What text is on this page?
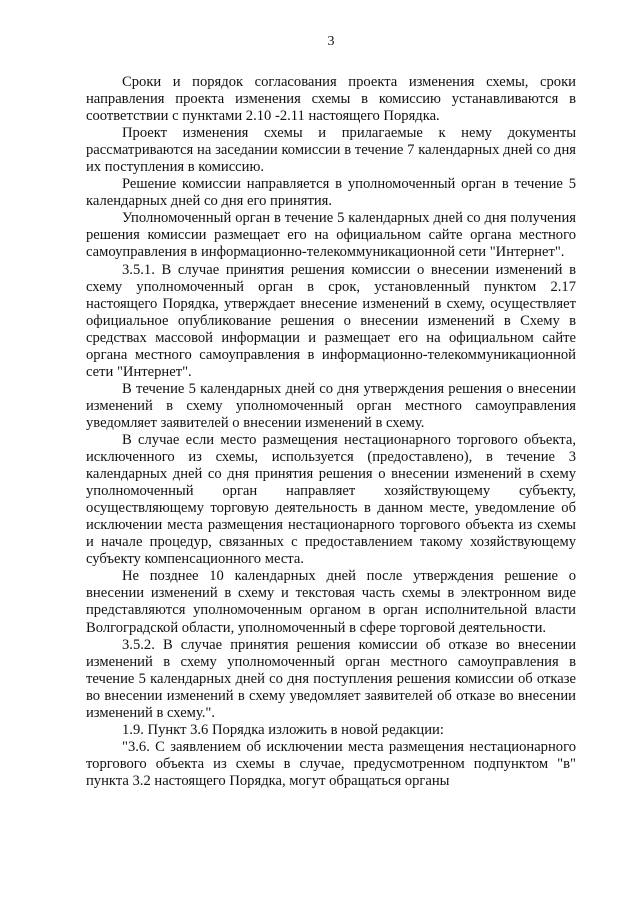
3

Сроки и порядок согласования проекта изменения схемы, сроки направления проекта изменения схемы в комиссию устанавливаются в соответствии с пунктами 2.10 -2.11 настоящего Порядка.

Проект изменения схемы и прилагаемые к нему документы рассматриваются на заседании комиссии в течение 7 календарных дней со дня их поступления в комиссию.

Решение комиссии направляется в уполномоченный орган в течение 5 календарных дней со дня его принятия.

Уполномоченный орган в течение 5 календарных дней со дня получения решения комиссии размещает его на официальном сайте органа местного самоуправления в информационно-телекоммуникационной сети "Интернет".

3.5.1. В случае принятия решения комиссии о внесении изменений в схему уполномоченный орган в срок, установленный пунктом 2.17 настоящего Порядка, утверждает внесение изменений в схему, осуществляет официальное опубликование решения о внесении изменений в Схему в средствах массовой информации и размещает его на официальном сайте органа местного самоуправления в информационно-телекоммуникационной сети "Интернет".

В течение 5 календарных дней со дня утверждения решения о внесении изменений в схему уполномоченный орган местного самоуправления уведомляет заявителей о внесении изменений в схему.

В случае если место размещения нестационарного торгового объекта, исключенного из схемы, используется (предоставлено), в течение 3 календарных дней со дня принятия решения о внесении изменений в схему уполномоченный орган направляет хозяйствующему субъекту, осуществляющему торговую деятельность в данном месте, уведомление об исключении места размещения нестационарного торгового объекта из схемы и начале процедур, связанных с предоставлением такому хозяйствующему субъекту компенсационного места.

Не позднее 10 календарных дней после утверждения решение о внесении изменений в схему и текстовая часть схемы в электронном виде представляются уполномоченным органом в орган исполнительной власти Волгоградской области, уполномоченный в сфере торговой деятельности.

3.5.2. В случае принятия решения комиссии об отказе во внесении изменений в схему уполномоченный орган местного самоуправления в течение 5 календарных дней со дня поступления решения комиссии об отказе во внесении изменений в схему уведомляет заявителей об отказе во внесении изменений в схему.".

1.9. Пункт 3.6 Порядка изложить в новой редакции:

"3.6. С заявлением об исключении места размещения нестационарного торгового объекта из схемы в случае, предусмотренном подпунктом "в" пункта 3.2 настоящего Порядка, могут обращаться органы
